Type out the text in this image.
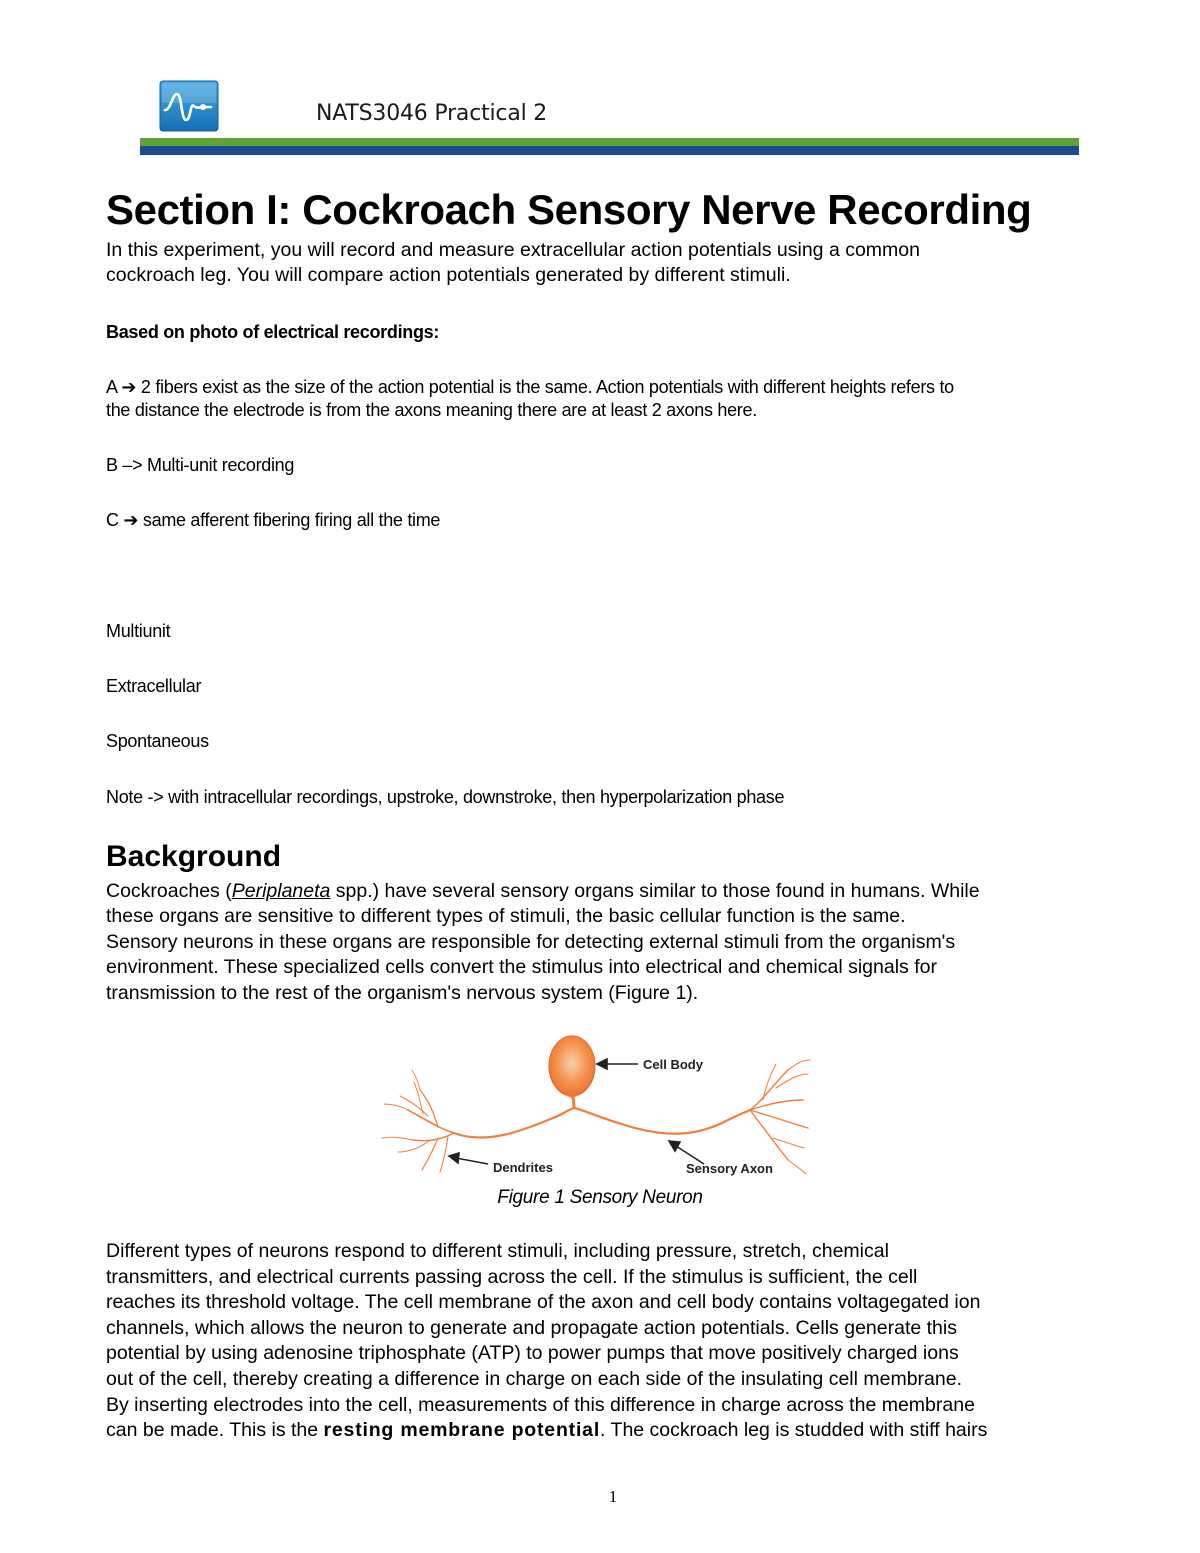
NATS3046 Practical 2
Section I: Cockroach Sensory Nerve Recording
In this experiment, you will record and measure extracellular action potentials using a common
cockroach leg. You will compare action potentials generated by different stimuli.
Based on photo of electrical recordings:
A ➔ 2 fibers exist as the size of the action potential is the same. Action potentials with different heights refers to
the distance the electrode is from the axons meaning there are at least 2 axons here.
B –> Multi-unit recording
C ➔ same afferent fibering firing all the time
Multiunit
Extracellular
Spontaneous
Note -> with intracellular recordings, upstroke, downstroke, then hyperpolarization phase
Background
Cockroaches (Periplaneta spp.) have several sensory organs similar to those found in humans. While
these organs are sensitive to different types of stimuli, the basic cellular function is the same.
Sensory neurons in these organs are responsible for detecting external stimuli from the organism's
environment. These specialized cells convert the stimulus into electrical and chemical signals for
transmission to the rest of the organism's nervous system (Figure 1).
Cell Body
Dendrites	Sensory Axon
Figure 1 Sensory Neuron
Different types of neurons respond to different stimuli, including pressure, stretch, chemical
transmitters, and electrical currents passing across the cell. If the stimulus is sufficient, the cell
reaches its threshold voltage. The cell membrane of the axon and cell body contains voltagegated ion
channels, which allows the neuron to generate and propagate action potentials. Cells generate this
potential by using adenosine triphosphate (ATP) to power pumps that move positively charged ions
out of the cell, thereby creating a difference in charge on each side of the insulating cell membrane.
By inserting electrodes into the cell, measurements of this difference in charge across the membrane
can be made. This is the resting membrane potential. The cockroach leg is studded with stiff hairs
1
